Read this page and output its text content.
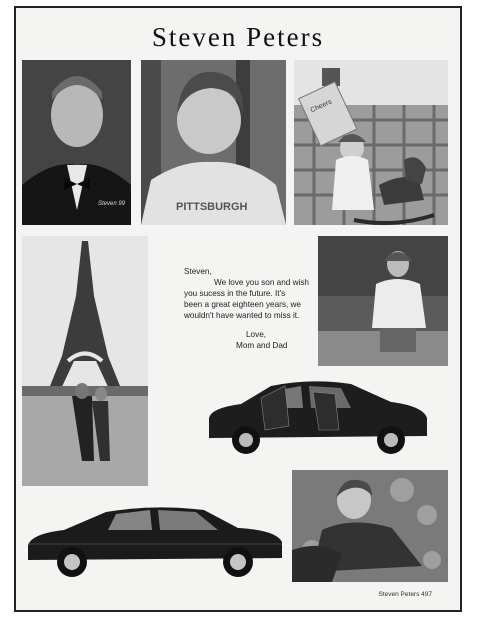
Steven Peters
Steven 99	PITTSBURGH
Cheers

Steven,

We love you son and wish

you sucess in the future. It's

been a great eighteen years, we

wouldn't have wanted to miss it.

Love,

Mom and Dad

Steven Peters 497
